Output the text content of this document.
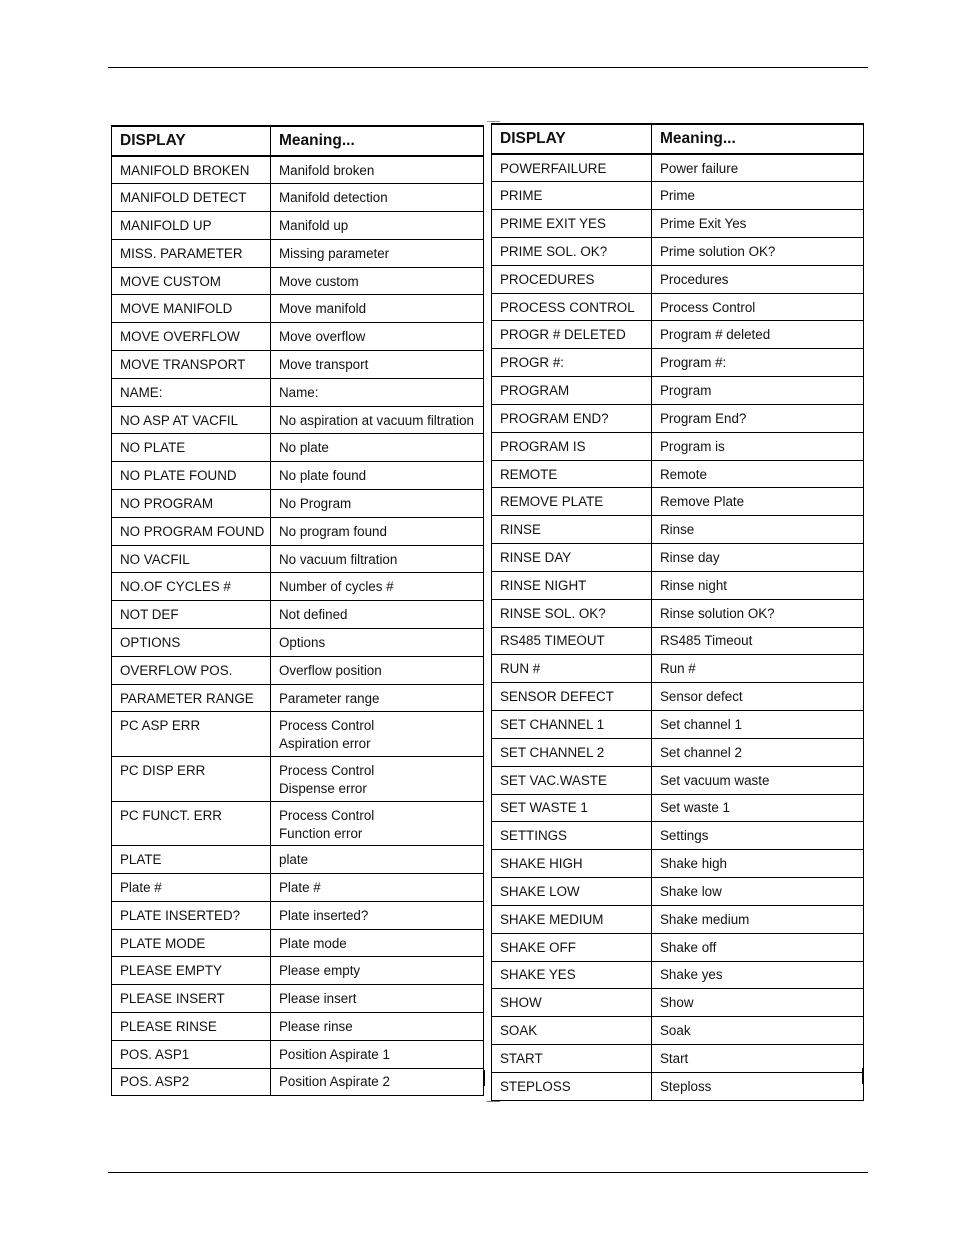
DISPLAY	Meaning...
MANIFOLD BROKEN	Manifold broken

MANIFOLD DETECT	Manifold detection

MANIFOLD UP	Manifold up

MISS. PARAMETER	Missing parameter

MOVE CUSTOM	Move custom

MOVE MANIFOLD	Move manifold

MOVE OVERFLOW	Move overflow

MOVE TRANSPORT	Move transport

NAME:	Name:

NO ASP AT VACFIL	No aspiration at vacuum filtration

NO PLATE	No plate

NO PLATE FOUND	No plate found

NO PROGRAM	No Program

NO PROGRAM FOUND	No program found

NO VACFIL	No vacuum filtration

NO.OF CYCLES #	Number of cycles #

NOT DEF	Not defined

OPTIONS	Options

OVERFLOW POS.	Overflow position

PARAMETER RANGE	Parameter range

PC ASP ERR	Process Control
Aspiration error

PC DISP ERR	Process Control
Dispense error

PC FUNCT. ERR	Process Control
Function error

PLATE	plate

Plate #	Plate #

PLATE INSERTED?	Plate inserted?

PLATE MODE	Plate mode

PLEASE EMPTY	Please empty

PLEASE INSERT	Please insert

PLEASE RINSE	Please rinse

POS. ASP1	Position Aspirate 1

POS. ASP2	Position Aspirate 2
DISPLAY	Meaning...
POWERFAILURE	Power failure

PRIME	Prime

PRIME EXIT YES	Prime Exit Yes

PRIME SOL. OK?	Prime solution OK?

PROCEDURES	Procedures

PROCESS CONTROL	Process Control

PROGR # DELETED	Program # deleted

PROGR #:	Program #:

PROGRAM	Program

PROGRAM END?	Program End?

PROGRAM IS	Program is

REMOTE	Remote

REMOVE PLATE	Remove Plate

RINSE	Rinse

RINSE DAY	Rinse day

RINSE NIGHT	Rinse night

RINSE SOL. OK?	Rinse solution OK?

RS485 TIMEOUT	RS485 Timeout

RUN #	Run #

SENSOR DEFECT	Sensor defect

SET CHANNEL 1	Set channel 1

SET CHANNEL 2	Set channel 2

SET VAC.WASTE	Set vacuum waste

SET WASTE 1	Set waste 1

SETTINGS	Settings

SHAKE HIGH	Shake high

SHAKE LOW	Shake low

SHAKE MEDIUM	Shake medium

SHAKE OFF	Shake off

SHAKE YES	Shake yes

SHOW	Show

SOAK	Soak

START	Start

STEPLOSS	Steploss
